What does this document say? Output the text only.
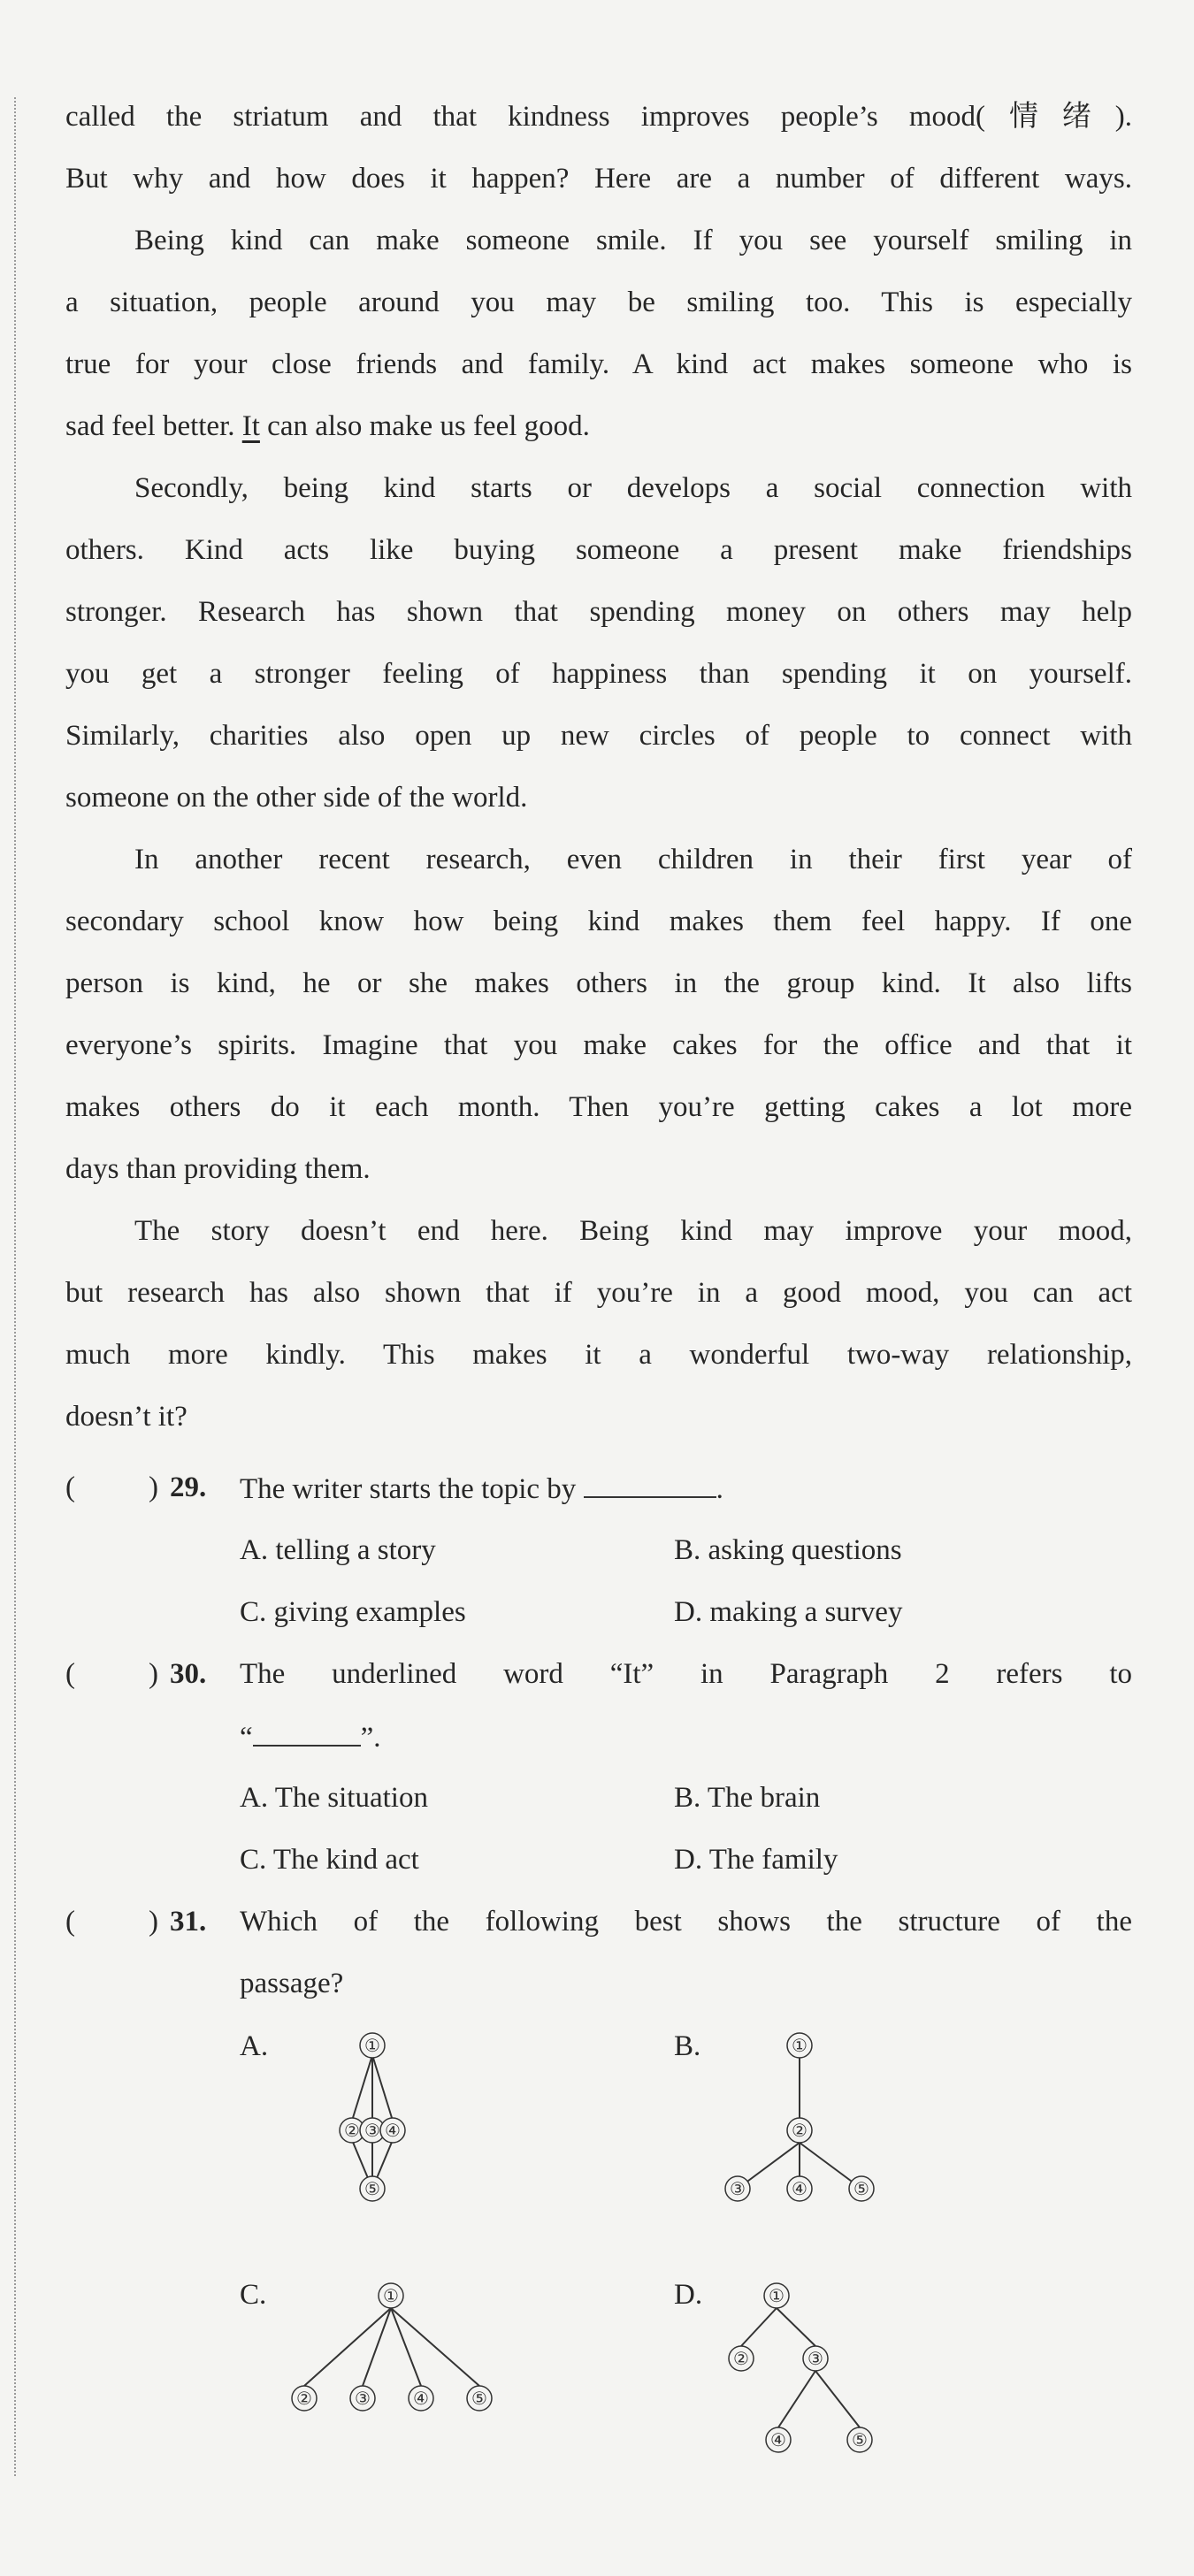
called the striatum and that kindness improves people’s mood(情绪).
But why and how does it happen? Here are a number of different ways.
Being kind can make someone smile. If you see yourself smiling in
a situation, people around you may be smiling too. This is especially
true for your close friends and family. A kind act makes someone who is
sad feel better. It can also make us feel good.
Secondly, being kind starts or develops a social connection with
others. Kind acts like buying someone a present make friendships
stronger. Research has shown that spending money on others may help
you get a stronger feeling of happiness than spending it on yourself.
Similarly, charities also open up new circles of people to connect with
someone on the other side of the world.
In another recent research, even children in their first year of
secondary school know how being kind makes them feel happy. If one
person is kind, he or she makes others in the group kind. It also lifts
everyone’s spirits. Imagine that you make cakes for the office and that it
makes others do it each month. Then you’re getting cakes a lot more
days than providing them.
The story doesn’t end here. Being kind may improve your mood,
but research has also shown that if you’re in a good mood, you can act
much more kindly. This makes it a wonderful two-way relationship,
doesn’t it?
(	) 29. The writer starts the topic by	.
A. telling a story	B. asking questions
C. giving examples	D. making a survey
(	) 30. The underlined word “It” in Paragraph 2 refers to
“	”.
A. The situation	B. The brain
C. The kind act	D. The family
(	) 31. Which of the following best shows the structure of the
passage?
A.	B.
C.	D.
①
② ③ ④
⑤
①
②
③	④	⑤
①
② ③ ④ ⑤
①
②	③
④	⑤
